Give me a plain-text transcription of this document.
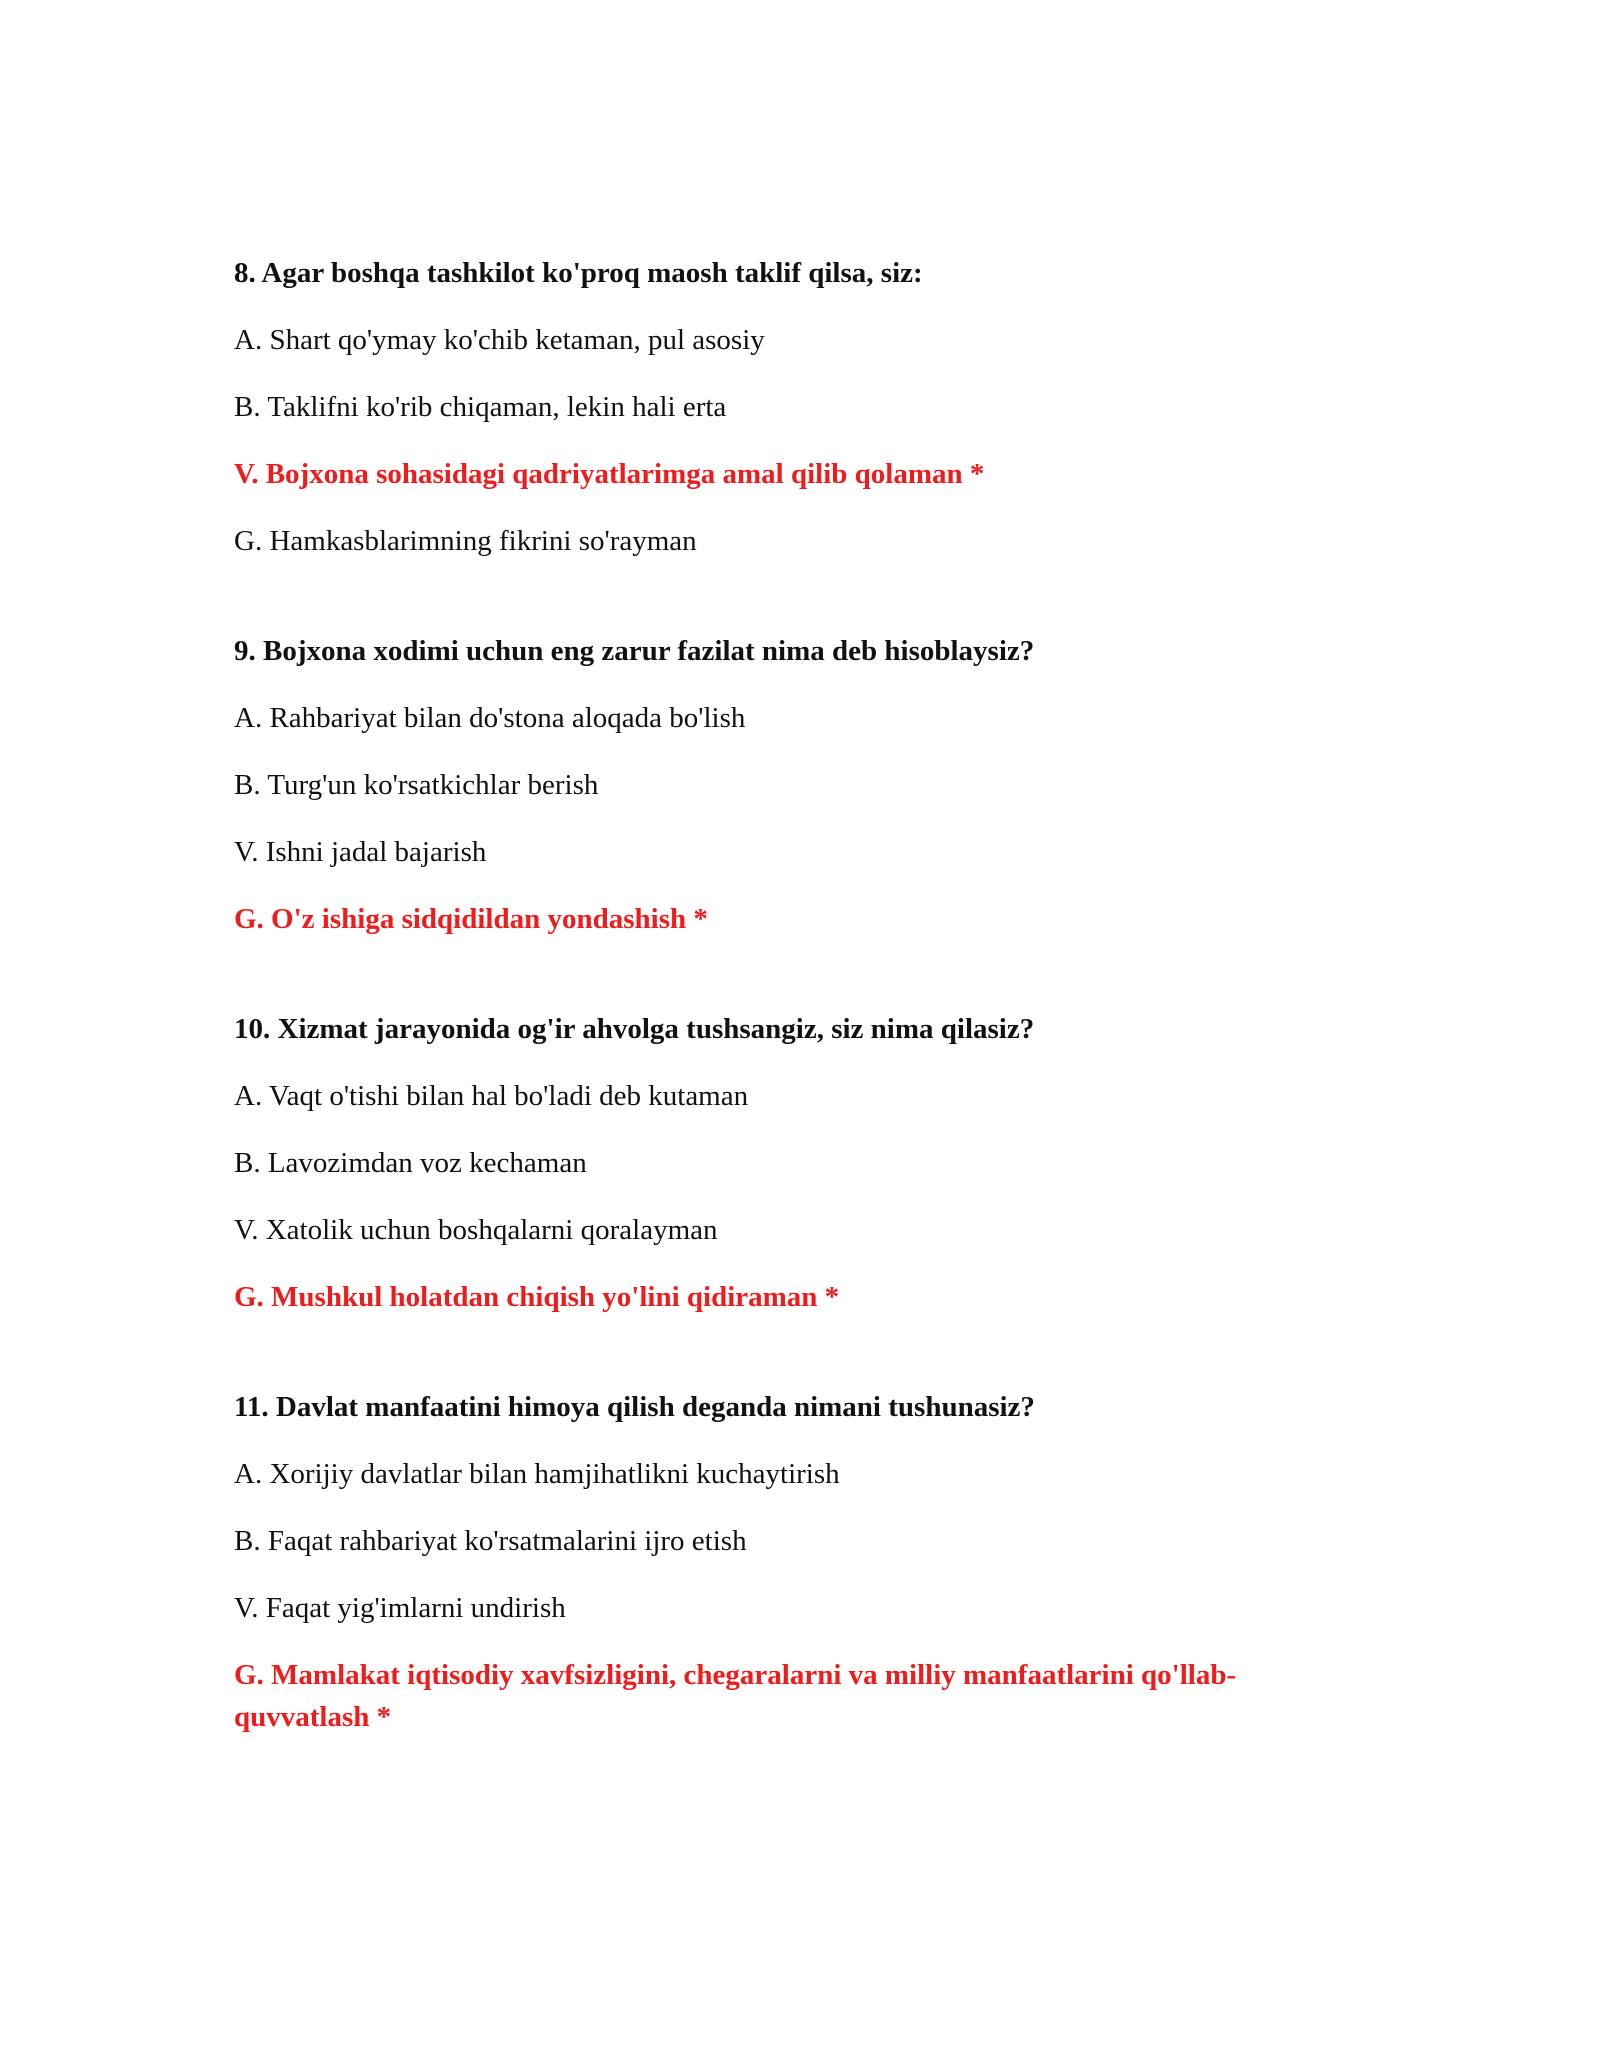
8. Agar boshqa tashkilot ko'proq maosh taklif qilsa, siz:
A. Shart qo'ymay ko'chib ketaman, pul asosiy
B. Taklifni ko'rib chiqaman, lekin hali erta
V. Bojxona sohasidagi qadriyatlarimga amal qilib qolaman *
G. Hamkasblarimning fikrini so'rayman
9. Bojxona xodimi uchun eng zarur fazilat nima deb hisoblaysiz?
A. Rahbariyat bilan do'stona aloqada bo'lish
B. Turg'un ko'rsatkichlar berish
V. Ishni jadal bajarish
G. O'z ishiga sidqidildan yondashish *
10. Xizmat jarayonida og'ir ahvolga tushsangiz, siz nima qilasiz?
A. Vaqt o'tishi bilan hal bo'ladi deb kutaman
B. Lavozimdan voz kechaman
V. Xatolik uchun boshqalarni qoralayman
G. Mushkul holatdan chiqish yo'lini qidiraman *
11. Davlat manfaatini himoya qilish deganda nimani tushunasiz?
A. Xorijiy davlatlar bilan hamjihatlikni kuchaytirish
B. Faqat rahbariyat ko'rsatmalarini ijro etish
V. Faqat yig'imlarni undirish
G. Mamlakat iqtisodiy xavfsizligini, chegaralarni va milliy manfaatlarini qo'llab-quvvatlash *
